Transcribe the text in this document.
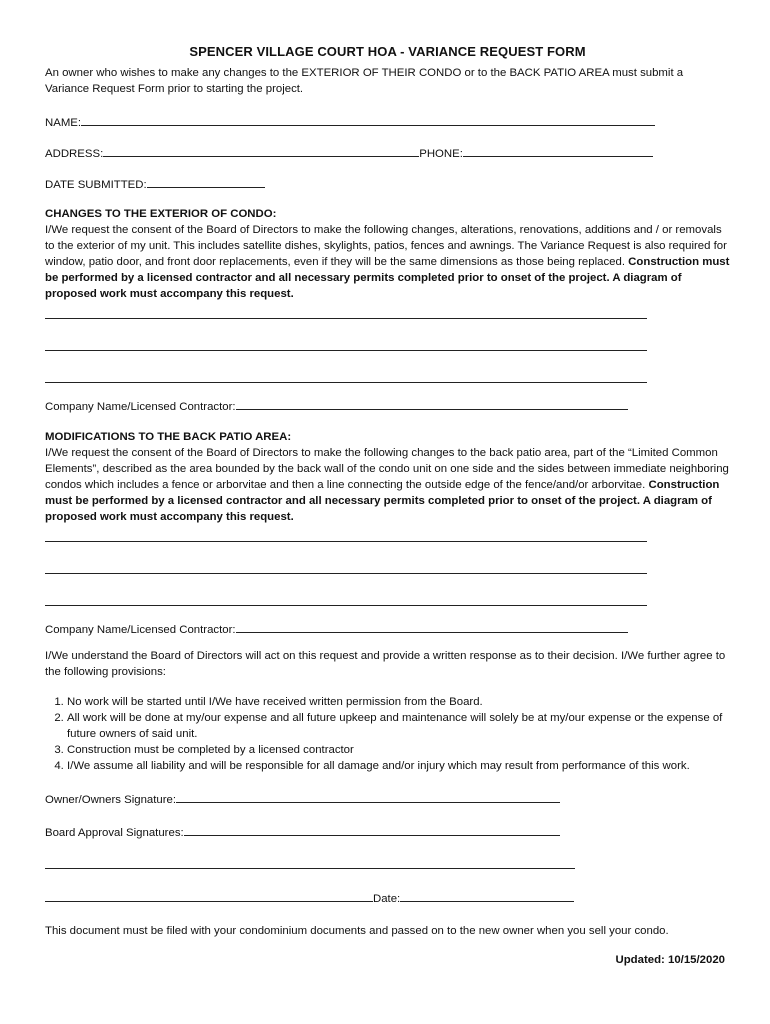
SPENCER VILLAGE COURT HOA - VARIANCE REQUEST FORM

An owner who wishes to make any changes to the EXTERIOR OF THEIR CONDO or to the BACK PATIO AREA must submit a Variance Request Form prior to starting the project.

NAME:
ADDRESS:	PHONE:
DATE SUBMITTED:
CHANGES TO THE EXTERIOR OF CONDO:

I/We request the consent of the Board of Directors to make the following changes, alterations, renovations, additions and / or removals to the exterior of my unit. This includes satellite dishes, skylights, patios, fences and awnings. The Variance Request is also required for window, patio door, and front door replacements, even if they will be the same dimensions as those being replaced. Construction must be performed by a licensed contractor and all necessary permits completed prior to onset of the project. A diagram of proposed work must accompany this request.

Company Name/Licensed Contractor:
MODIFICATIONS TO THE BACK PATIO AREA:

I/We request the consent of the Board of Directors to make the following changes to the back patio area, part of the “Limited Common Elements”, described as the area bounded by the back wall of the condo unit on one side and the sides between immediate neighboring condos which includes a fence or arborvitae and then a line connecting the outside edge of the fence/and/or arborvitae. Construction must be performed by a licensed contractor and all necessary permits completed prior to onset of the project. A diagram of proposed work must accompany this request.

Company Name/Licensed Contractor:

I/We understand the Board of Directors will act on this request and provide a written response as to their decision. I/We further agree to the following provisions:

1. No work will be started until I/We have received written permission from the Board.
2. All work will be done at my/our expense and all future upkeep and maintenance will solely be at my/our expense or the expense of future owners of said unit.
3. Construction must be completed by a licensed contractor
4. I/We assume all liability and will be responsible for all damage and/or injury which may result from performance of this work.
Owner/Owners Signature:
Board Approval Signatures:
Date:

This document must be filed with your condominium documents and passed on to the new owner when you sell your condo.

Updated: 10/15/2020
